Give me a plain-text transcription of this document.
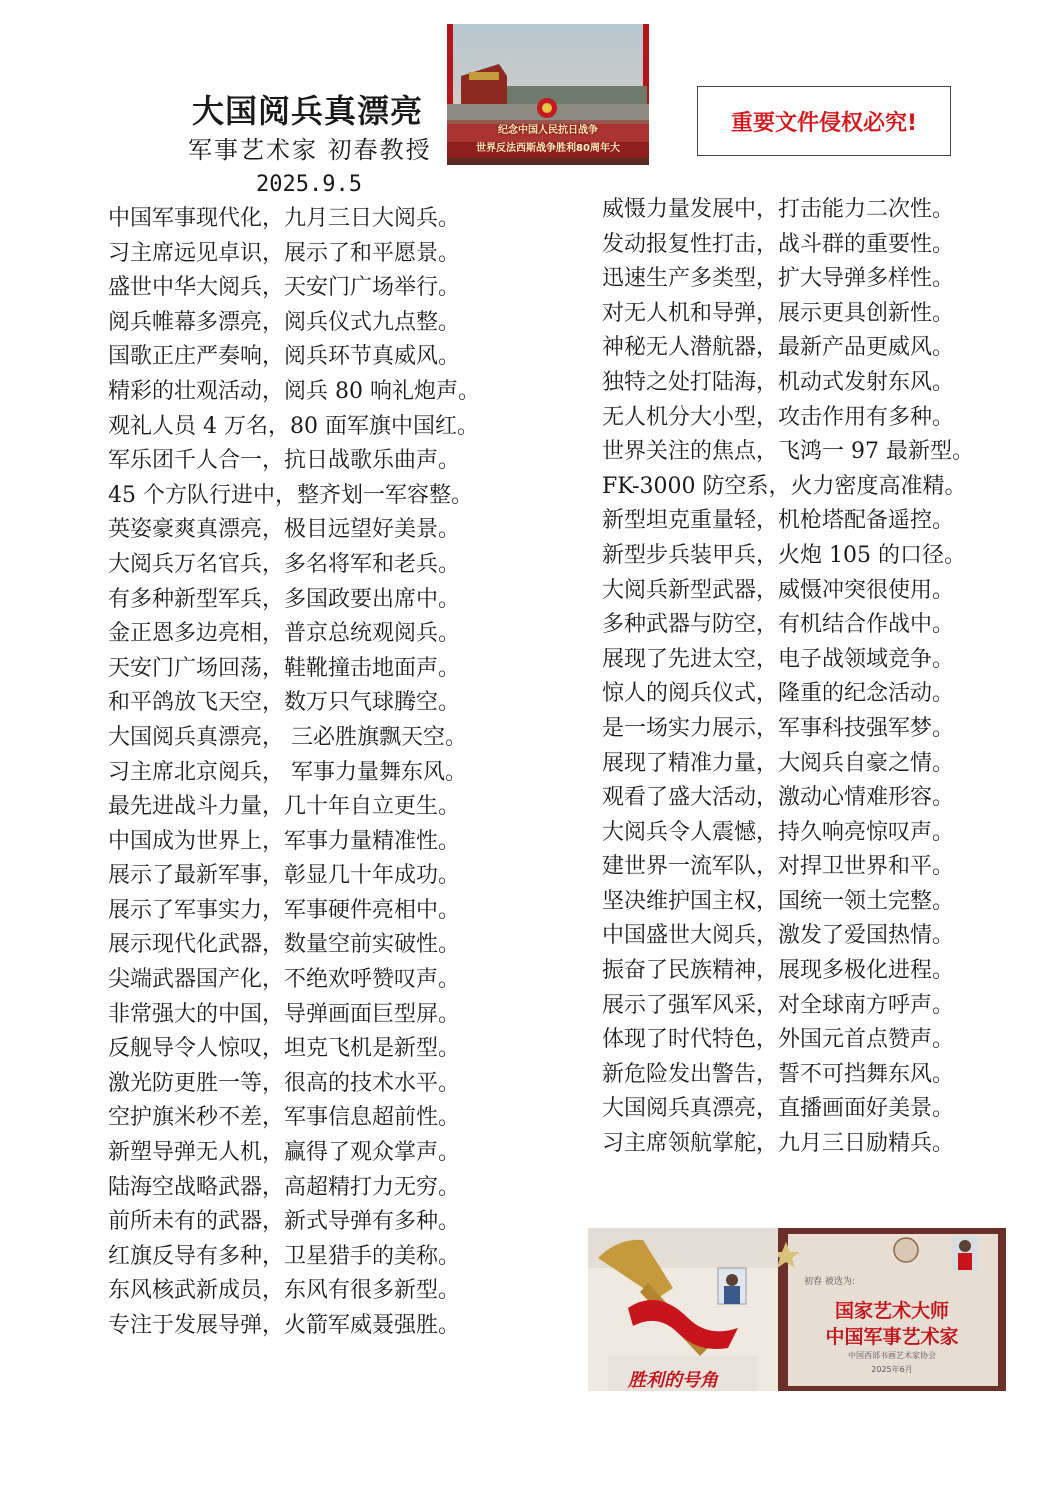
大国阅兵真漂亮
军事艺术家 初春教授
2025.9.5
纪念中国人民抗日战争
世界反法西斯战争胜利80周年大
重要文件侵权必究!
中国军事现代化，九月三日大阅兵。
习主席远见卓识，展示了和平愿景。
盛世中华大阅兵，天安门广场举行。
阅兵帷幕多漂亮，阅兵仪式九点整。
国歌正庄严奏响，阅兵环节真威风。
精彩的壮观活动，阅兵 80 响礼炮声。
观礼人员 4 万名，80 面军旗中国红。
军乐团千人合一，抗日战歌乐曲声。
45 个方队行进中，整齐划一军容整。
英姿豪爽真漂亮，极目远望好美景。
大阅兵万名官兵，多名将军和老兵。
有多种新型军兵，多国政要出席中。
金正恩多边亮相，普京总统观阅兵。
天安门广场回荡，鞋靴撞击地面声。
和平鸽放飞天空，数万只气球腾空。
大国阅兵真漂亮， 三必胜旗飘天空。
习主席北京阅兵， 军事力量舞东风。
最先进战斗力量，几十年自立更生。
中国成为世界上，军事力量精准性。
展示了最新军事，彰显几十年成功。
展示了军事实力，军事硬件亮相中。
展示现代化武器，数量空前实破性。
尖端武器国产化，不绝欢呼赞叹声。
非常强大的中国，导弹画面巨型屏。
反舰导令人惊叹，坦克飞机是新型。
激光防更胜一等，很高的技术水平。
空护旗米秒不差，军事信息超前性。
新塑导弹无人机，赢得了观众掌声。
陆海空战略武器，高超精打力无穷。
前所未有的武器，新式导弹有多种。
红旗反导有多种，卫星猎手的美称。
东风核武新成员，东风有很多新型。
专注于发展导弹，火箭军威聂强胜。
威慑力量发展中，打击能力二次性。
发动报复性打击，战斗群的重要性。
迅速生产多类型，扩大导弹多样性。
对无人机和导弹，展示更具创新性。
神秘无人潜航器，最新产品更威风。
独特之处打陆海，机动式发射东风。
无人机分大小型，攻击作用有多种。
世界关注的焦点，飞鸿一 97 最新型。
FK-3000 防空系，火力密度高准精。
新型坦克重量轻，机枪塔配备遥控。
新型步兵装甲兵，火炮 105 的口径。
大阅兵新型武器，威慑冲突很使用。
多种武器与防空，有机结合作战中。
展现了先进太空，电子战领域竞争。
惊人的阅兵仪式，隆重的纪念活动。
是一场实力展示，军事科技强军梦。
展现了精准力量，大阅兵自豪之情。
观看了盛大活动，激动心情难形容。
大阅兵令人震憾，持久响亮惊叹声。
建世界一流军队，对捍卫世界和平。
坚决维护国主权，国统一领土完整。
中国盛世大阅兵，激发了爱国热情。
振奋了民族精神，展现多极化进程。
展示了强军风采，对全球南方呼声。
体现了时代特色，外国元首点赞声。
新危险发出警告，誓不可挡舞东风。
大国阅兵真漂亮，直播画面好美景。
习主席领航掌舵，九月三日励精兵。
胜利的号角
初春 被选为:
国家艺术大师
中国军事艺术家
中国西部书画艺术家协会
2025年6月
